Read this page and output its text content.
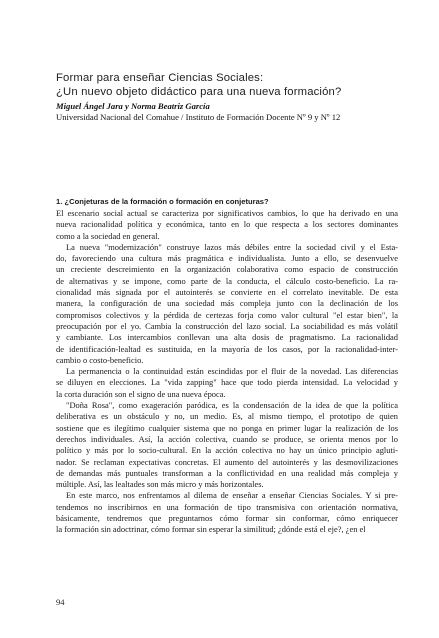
Formar para enseñar Ciencias Sociales:
¿Un nuevo objeto didáctico para una nueva formación?
Miguel Ángel Jara y Norma Beatriz García
Universidad Nacional del Comahue / Instituto de Formación Docente Nº 9 y Nº 12
1. ¿Conjeturas de la formación o formación en conjeturas?
El escenario social actual se caracteriza por significativos cambios, lo que ha derivado en una
nueva racionalidad política y económica, tanto en lo que respecta a los sectores dominantes
como a la sociedad en general.
La nueva "modernización" construye lazos más débiles entre la sociedad civil y el Esta-
do, favoreciendo una cultura más pragmática e individualista. Junto a ello, se desenvuelve
un creciente descreimiento en la organización colaborativa como espacio de construcción
de alternativas y se impone, como parte de la conducta, el cálculo costo-beneficio. La ra-
cionalidad más signada por el autointerés se convierte en el correlato inevitable. De esta
manera, la configuración de una sociedad más compleja junto con la declinación de los
compromisos colectivos y la pérdida de certezas forja como valor cultural "el estar bien", la
preocupación por el yo. Cambia la construcción del lazo social. La sociabilidad es más volátil
y cambiante. Los intercambios conllevan una alta dosis de pragmatismo. La racionalidad
de identificación-lealtad es sustituida, en la mayoría de los casos, por la racionalidad-inter-
cambio o costo-beneficio.
La permanencia o la continuidad están escindidas por el fluir de la novedad. Las diferencias
se diluyen en elecciones. La "vida zapping" hace que todo pierda intensidad. La velocidad y
la corta duración son el signo de una nueva época.
"Doña Rosa", como exageración paródica, es la condensación de la idea de que la política
deliberativa es un obstáculo y no, un medio. Es, al mismo tiempo, el prototipo de quien
sostiene que es ilegítimo cualquier sistema que no ponga en primer lugar la realización de los
derechos individuales. Así, la acción colectiva, cuando se produce, se orienta menos por lo
político y más por lo socio-cultural. En la acción colectiva no hay un único principio agluti-
nador. Se reclaman expectativas concretas. El aumento del autointerés y las desmovilizaciones
de demandas más puntuales transforman a la conflictividad en una realidad más compleja y
múltiple. Así, las lealtades son más micro y más horizontales.
En este marco, nos enfrentamos al dilema de enseñar a enseñar Ciencias Sociales. Y si pre-
tendemos no inscribirnos en una formación de tipo transmisiva con orientación normativa,
básicamente, tendremos que preguntarnos cómo formar sin conformar, cómo enriquecer
la formación sin adoctrinar, cómo formar sin esperar la similitud; ¿dónde está el eje?, ¿en el
94
